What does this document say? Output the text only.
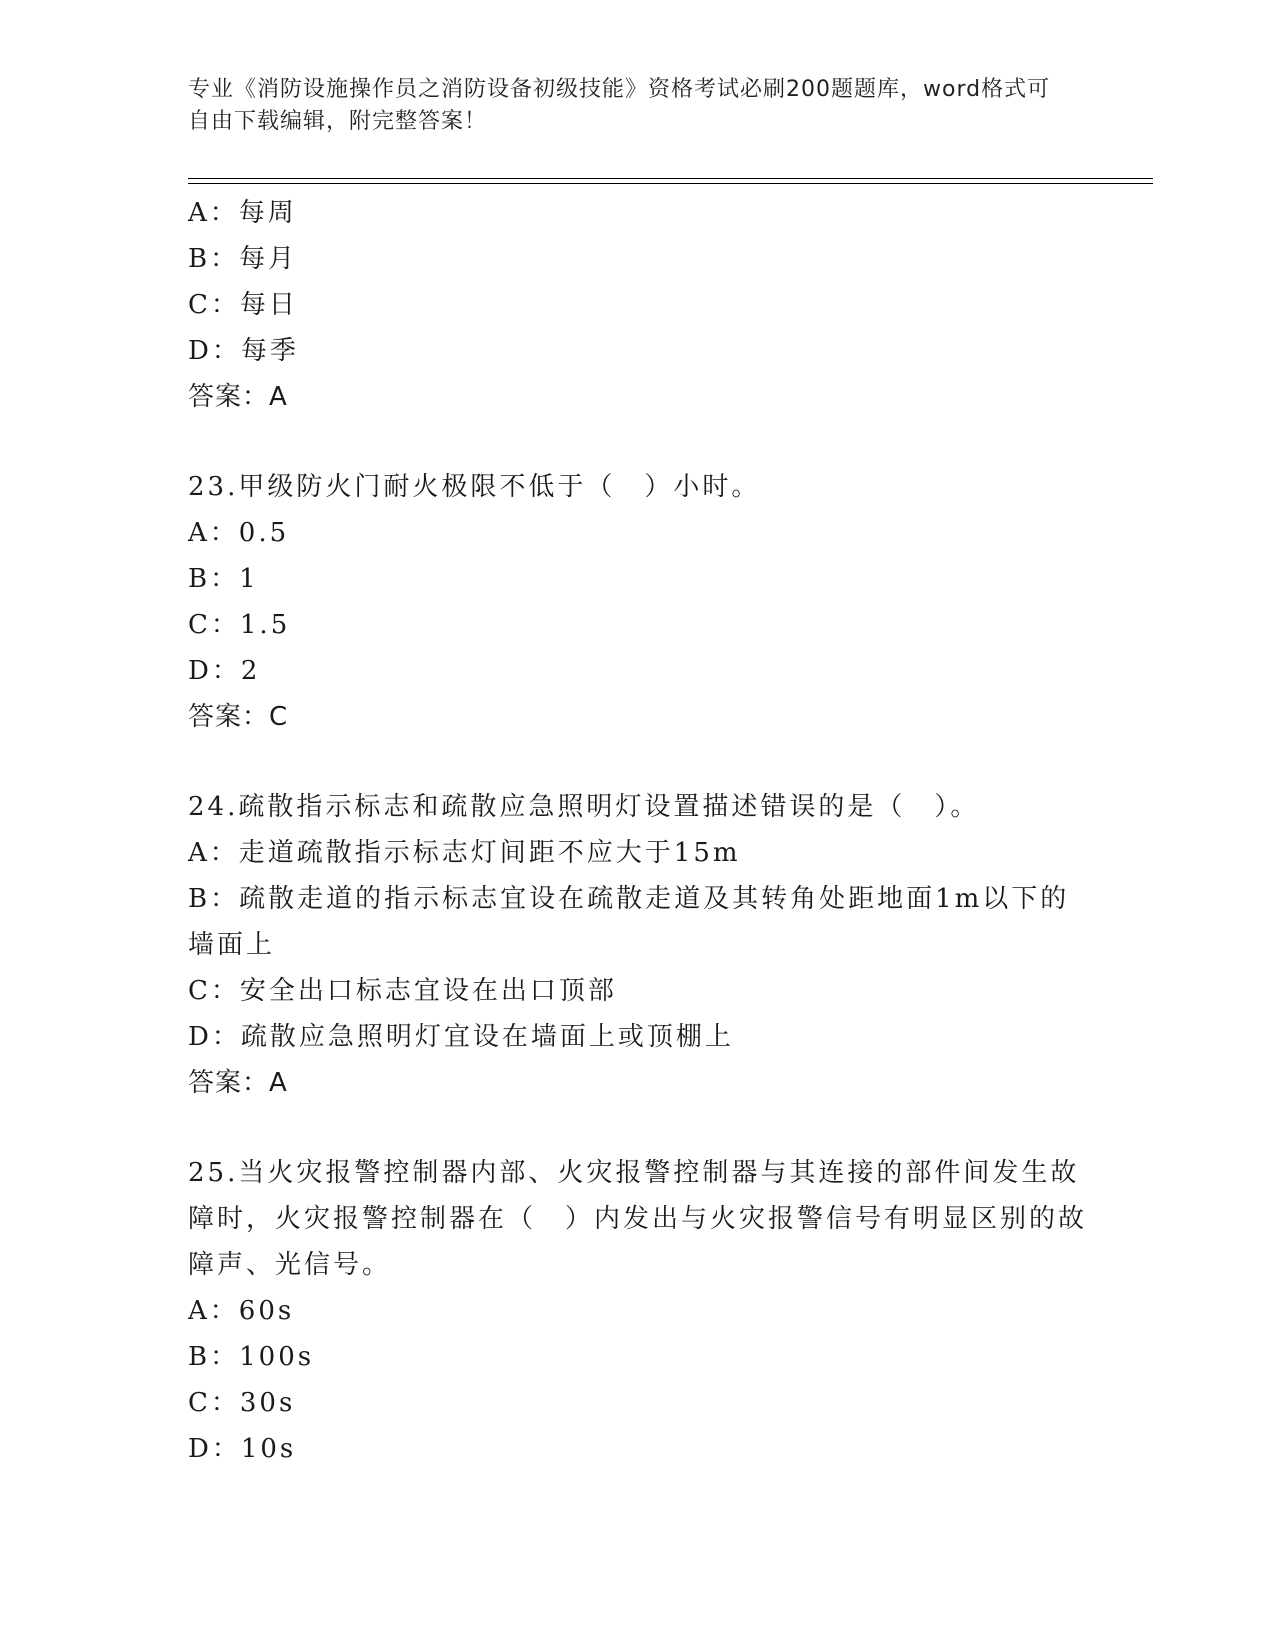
专业《消防设施操作员之消防设备初级技能》资格考试必刷200题题库，word格式可自由下载编辑，附完整答案！
A：每周
B：每月
C：每日
D：每季
答案：A
23.甲级防火门耐火极限不低于（　）小时。
A：0.5
B：1
C：1.5
D：2
答案：C
24.疏散指示标志和疏散应急照明灯设置描述错误的是（　）。
A：走道疏散指示标志灯间距不应大于15m
B：疏散走道的指示标志宜设在疏散走道及其转角处距地面1m以下的墙面上
C：安全出口标志宜设在出口顶部
D：疏散应急照明灯宜设在墙面上或顶棚上
答案：A
25.当火灾报警控制器内部、火灾报警控制器与其连接的部件间发生故障时，火灾报警控制器在（　）内发出与火灾报警信号有明显区别的故障声、光信号。
A：60s
B：100s
C：30s
D：10s
